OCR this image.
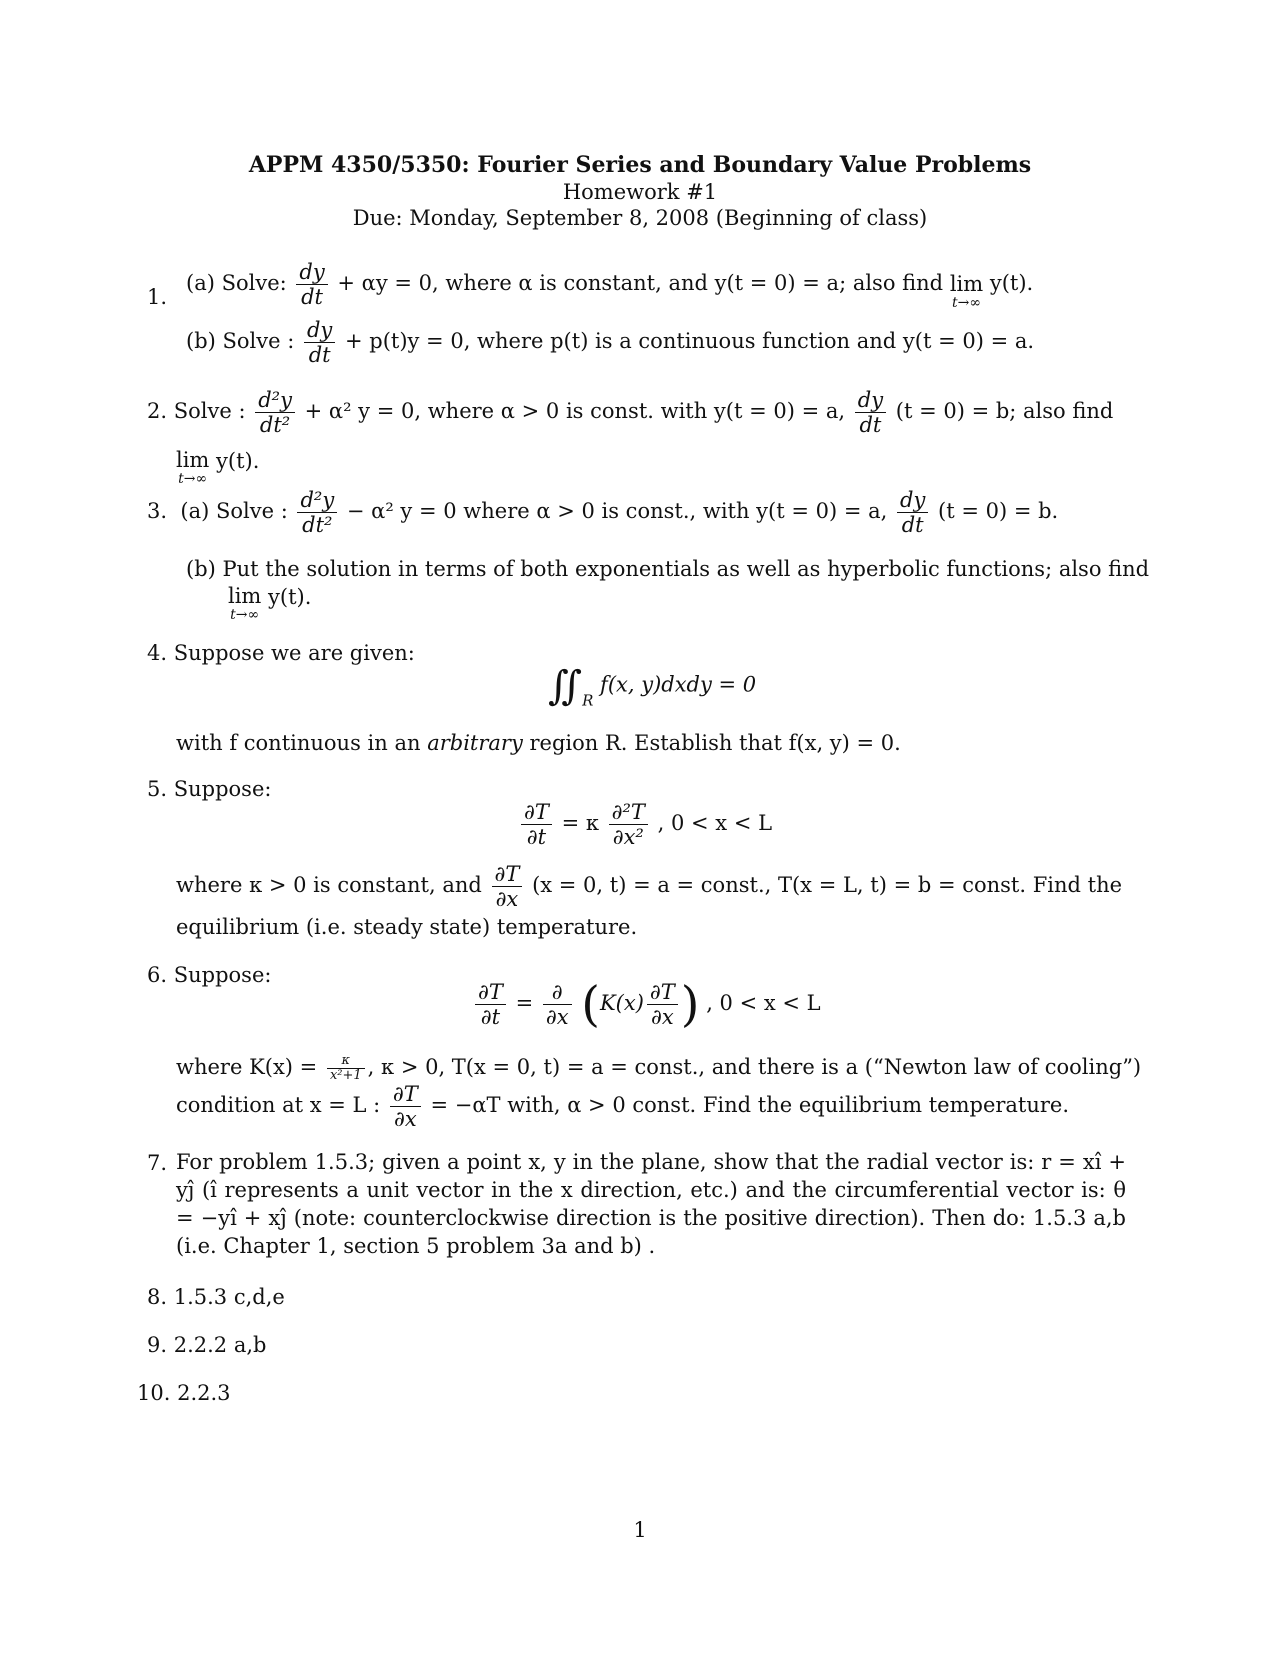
APPM 4350/5350: Fourier Series and Boundary Value Problems
Homework #1
Due: Monday, September 8, 2008 (Beginning of class)
1.
(a) Solve: $\frac{dy}{dt} + \alpha y = 0$, where α is constant, and y(t = 0) = a; also find lim
t→∞
y(t).
(b) Solve : $\frac{dy}{dt} + p(t)y = 0$, where p(t) is a continuous function and y(t = 0) = a.
2. Solve : $\frac{\text{d²y}}{\text{dt²}} + \alpha^2$ y = 0, where α > 0 is const. with y(t = 0) = a, $\frac{dy}{dt} (t = 0) = b$; also find
lim
t→∞
y(t).
3. (a) Solve : $\frac{\text{d²y}}{\text{dt²}} - \alpha^2$ y = 0 where α > 0 is const., with y(t = 0) = a, $\frac{dy}{dt} (t = 0) = b$.
(b) Put the solution in terms of both exponentials as well as hyperbolic functions; also find
lim
t→∞
y(t).
4. Suppose we are given:
$∬_R$ f(x, y)dxdy = 0
with f continuous in an arbitrary region R. Establish that f(x, y) = 0.
5. Suppose:
$\frac{\partial T}{\partial t} = \kappa \frac{\text{∂²T}}{\text{∂x²}}$ , 0 < x < L
where κ > 0 is constant, and $\frac{\partial T}{\partial x} (x = 0$, t) = a = const., T(x = L, t) = b = const. Find the
equilibrium (i.e. steady state) temperature.
6. Suppose:
$\frac{\partial T}{\partial t} = \frac{\partial}{\partial x} (K(x) \frac{\partial T}{\partial x}$ ) , 0 < x < L
where $K(x) = \frac{\kappa}{\text{x²+1}}$ , κ > 0, T(x = 0, t) = a = const., and there is a (“Newton law of cooling”)
condition at x = L : $\frac{\partial T}{\partial x} = -\alpha T$ with, α > 0 const. Find the equilibrium temperature.
7. For problem 1.5.3; given a point x, y in the plane, show that the radial vector is: r = xî + yĵ (î represents a unit vector in the x direction, etc.) and the circumferential vector is: θ = −yî + xĵ (note: counterclockwise direction is the positive direction). Then do: 1.5.3 a,b (i.e. Chapter 1, section 5 problem 3a and b) .
8. 1.5.3 c,d,e
9. 2.2.2 a,b
10. 2.2.3
1
